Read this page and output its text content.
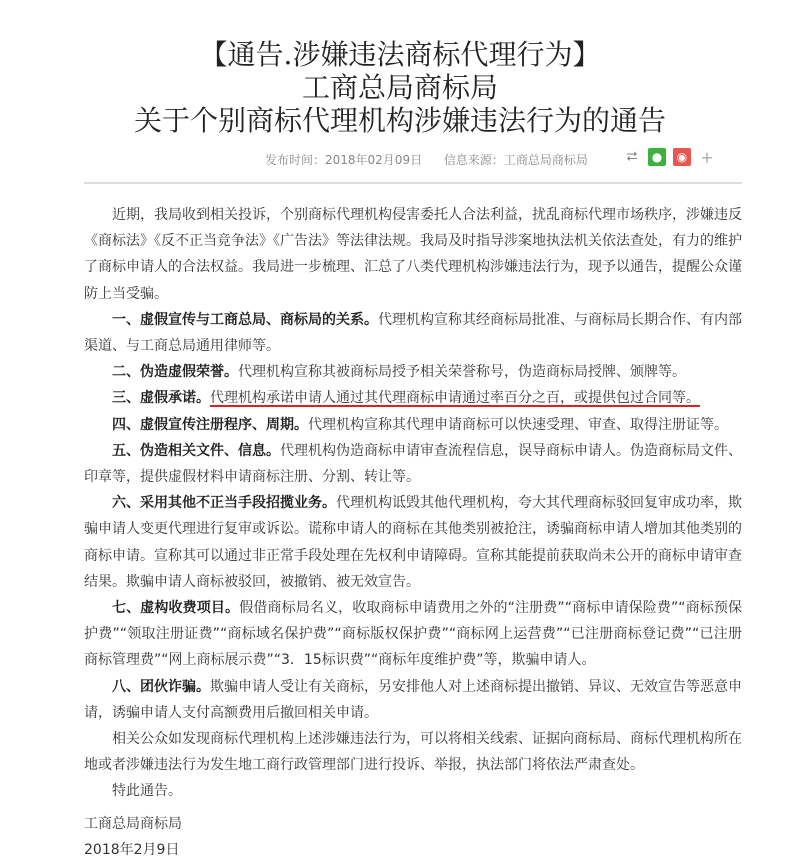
【通告.涉嫌违法商标代理行为】
工商总局商标局
关于个别商标代理机构涉嫌违法行为的通告
发布时间：2018年02月09日 信息来源：工商总局商标局	⮂	●	◉ +

近期，我局收到相关投诉，个别商标代理机构侵害委托人合法利益，扰乱商标代理市场秩序，涉嫌违反《商标法》《反不正当竞争法》《广告法》等法律法规。我局及时指导涉案地执法机关依法查处，有力的维护了商标申请人的合法权益。我局进一步梳理、汇总了八类代理机构涉嫌违法行为，现予以通告，提醒公众谨防上当受骗。

一、虚假宣传与工商总局、商标局的关系。代理机构宣称其经商标局批准、与商标局长期合作、有内部渠道、与工商总局通用律师等。

二、伪造虚假荣誉。代理机构宣称其被商标局授予相关荣誉称号，伪造商标局授牌、颁牌等。

三、虚假承诺。代理机构承诺申请人通过其代理商标申请通过率百分之百，或提供包过合同等。

四、虚假宣传注册程序、周期。代理机构宣称其代理申请商标可以快速受理、审查、取得注册证等。

五、伪造相关文件、信息。代理机构伪造商标申请审查流程信息，误导商标申请人。伪造商标局文件、印章等，提供虚假材料申请商标注册、分割、转让等。

六、采用其他不正当手段招揽业务。代理机构诋毁其他代理机构，夸大其代理商标驳回复审成功率，欺骗申请人变更代理进行复审或诉讼。谎称申请人的商标在其他类别被抢注，诱骗商标申请人增加其他类别的商标申请。宣称其可以通过非正常手段处理在先权利申请障碍。宣称其能提前获取尚未公开的商标申请审查结果。欺骗申请人商标被驳回，被撤销、被无效宣告。

七、虚构收费项目。假借商标局名义，收取商标申请费用之外的“注册费”“商标申请保险费”“商标预保护费”“领取注册证费”“商标域名保护费”“商标版权保护费”“商标网上运营费”“已注册商标登记费”“已注册商标管理费”“网上商标展示费”“3．15标识费”“商标年度维护费”等，欺骗申请人。

八、团伙诈骗。欺骗申请人受让有关商标，另安排他人对上述商标提出撤销、异议、无效宣告等恶意申请，诱骗申请人支付高额费用后撤回相关申请。

相关公众如发现商标代理机构上述涉嫌违法行为，可以将相关线索、证据向商标局、商标代理机构所在地或者涉嫌违法行为发生地工商行政管理部门进行投诉、举报，执法部门将依法严肃查处。

特此通告。

工商总局商标局

2018年2月9日
